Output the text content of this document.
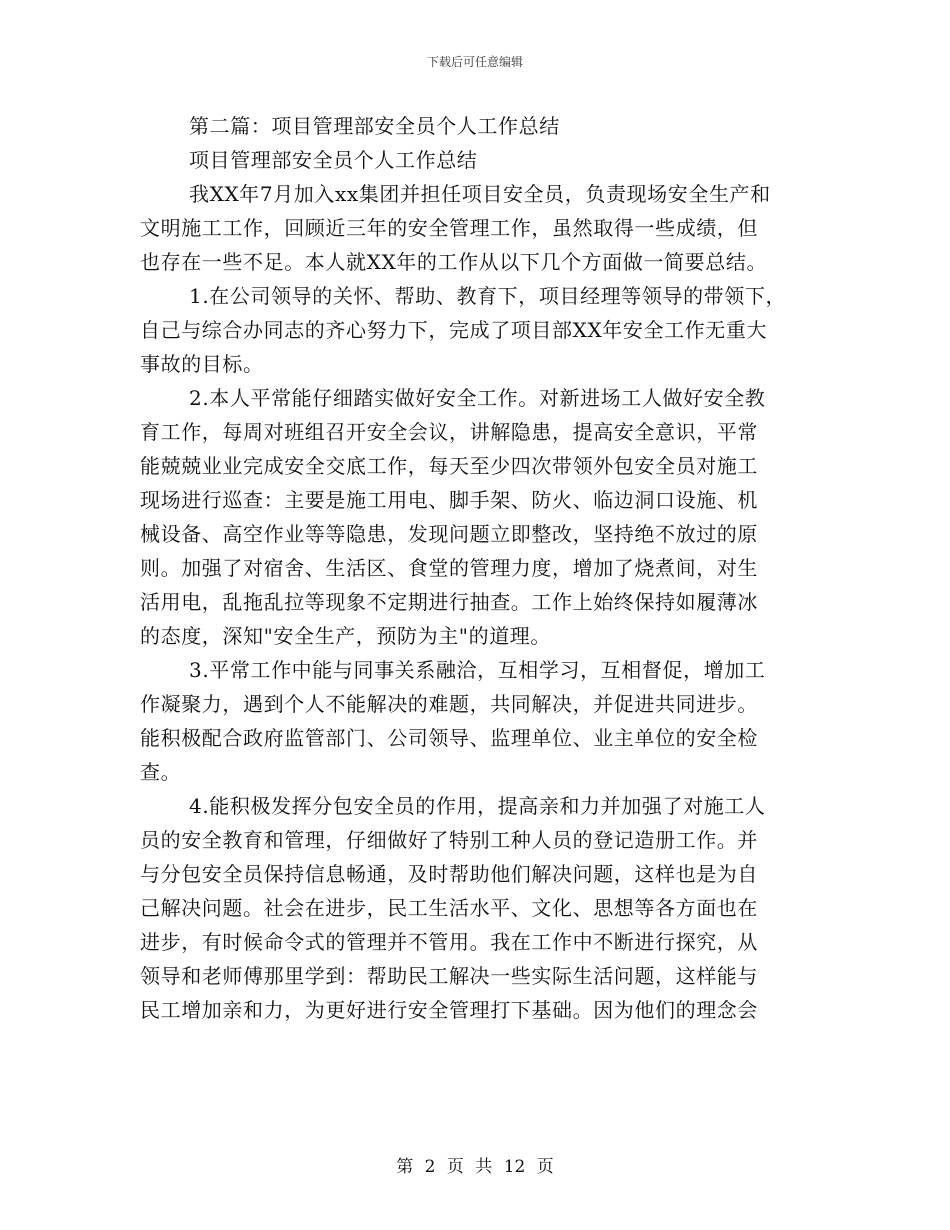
下载后可任意编辑
第二篇：项目管理部安全员个人工作总结
项目管理部安全员个人工作总结
我XX年7月加入xx集团并担任项目安全员，负责现场安全生产和
文明施工工作，回顾近三年的安全管理工作，虽然取得一些成绩，但
也存在一些不足。本人就XX年的工作从以下几个方面做一简要总结。
1.在公司领导的关怀、帮助、教育下，项目经理等领导的带领下，
自己与综合办同志的齐心努力下，完成了项目部XX年安全工作无重大
事故的目标。
2.本人平常能仔细踏实做好安全工作。对新进场工人做好安全教
育工作，每周对班组召开安全会议，讲解隐患，提高安全意识，平常
能兢兢业业完成安全交底工作，每天至少四次带领外包安全员对施工
现场进行巡查：主要是施工用电、脚手架、防火、临边洞口设施、机
械设备、高空作业等等隐患，发现问题立即整改，坚持绝不放过的原
则。加强了对宿舍、生活区、食堂的管理力度，增加了烧煮间，对生
活用电，乱拖乱拉等现象不定期进行抽查。工作上始终保持如履薄冰
的态度，深知"安全生产，预防为主"的道理。
3.平常工作中能与同事关系融洽，互相学习，互相督促，增加工
作凝聚力，遇到个人不能解决的难题，共同解决，并促进共同进步。
能积极配合政府监管部门、公司领导、监理单位、业主单位的安全检
查。
4.能积极发挥分包安全员的作用，提高亲和力并加强了对施工人
员的安全教育和管理，仔细做好了特别工种人员的登记造册工作。并
与分包安全员保持信息畅通，及时帮助他们解决问题，这样也是为自
己解决问题。社会在进步，民工生活水平、文化、思想等各方面也在
进步，有时候命令式的管理并不管用。我在工作中不断进行探究，从
领导和老师傅那里学到：帮助民工解决一些实际生活问题，这样能与
民工增加亲和力，为更好进行安全管理打下基础。因为他们的理念会
第 2 页 共 12 页
